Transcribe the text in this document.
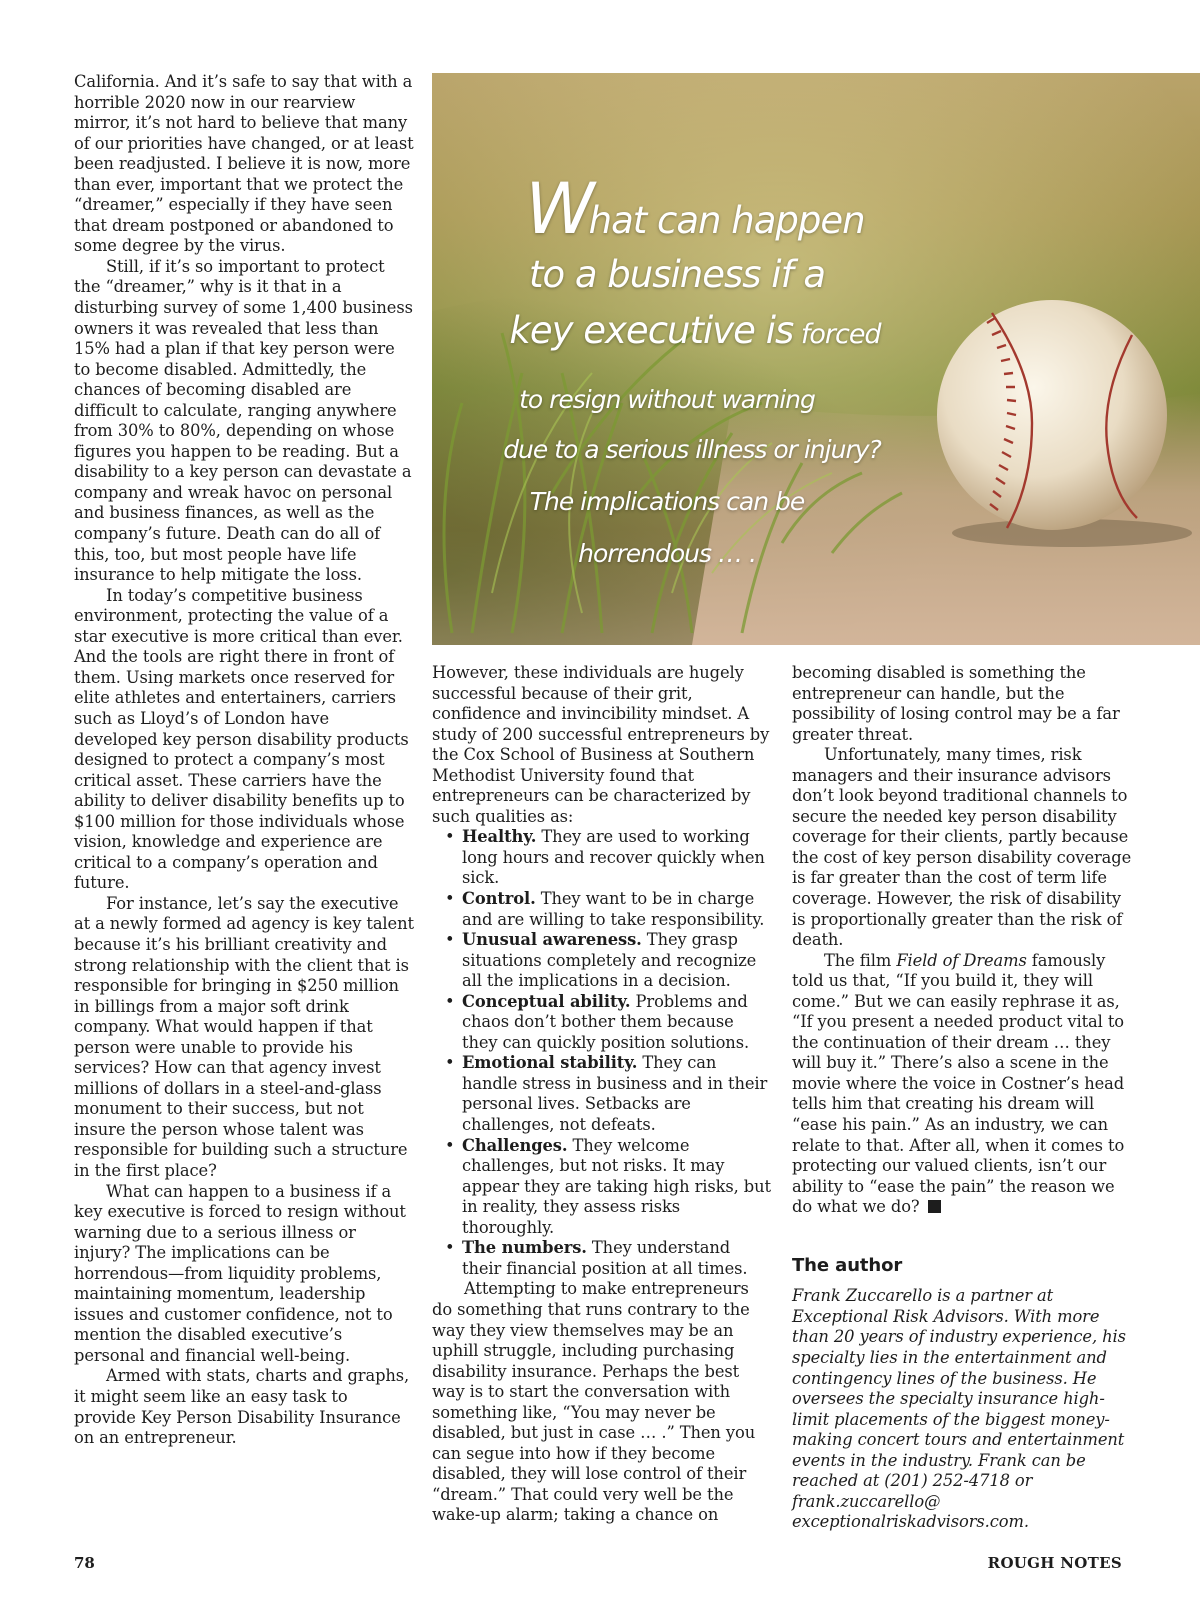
California. And it’s safe to say that with a horrible 2020 now in our rearview mirror, it’s not hard to believe that many of our priorities have changed, or at least been readjusted. I believe it is now, more than ever, important that we protect the “dreamer,” especially if they have seen that dream postponed or abandoned to some degree by the virus.

Still, if it’s so important to protect the “dreamer,” why is it that in a disturbing survey of some 1,400 business owners it was revealed that less than 15% had a plan if that key person were to become disabled. Admittedly, the chances of becoming disabled are difficult to calculate, ranging anywhere from 30% to 80%, depending on whose figures you happen to be reading. But a disability to a key person can devastate a company and wreak havoc on personal and business finances, as well as the company’s future. Death can do all of this, too, but most people have life insurance to help mitigate the loss.

In today’s competitive business environment, protecting the value of a star executive is more critical than ever. And the tools are right there in front of them. Using markets once reserved for elite athletes and entertainers, carriers such as Lloyd’s of London have developed key person disability products designed to protect a company’s most critical asset. These carriers have the ability to deliver disability benefits up to $100 million for those individuals whose vision, knowledge and experience are critical to a company’s operation and future.

For instance, let’s say the executive at a newly formed ad agency is key talent because it’s his brilliant creativity and strong relationship with the client that is responsible for bringing in $250 million in billings from a major soft drink company. What would happen if that person were unable to provide his services? How can that agency invest millions of dollars in a steel-and-glass monument to their success, but not insure the person whose talent was responsible for building such a structure in the first place?

What can happen to a business if a key executive is forced to resign without warning due to a serious illness or injury? The implications can be horrendous—from liquidity problems, maintaining momentum, leadership issues and customer confidence, not to mention the disabled executive’s personal and financial well-being.

Armed with stats, charts and graphs, it might seem like an easy task to provide Key Person Disability Insurance on an entrepreneur.

What can happen
to a business if a
key executive is forced
to resign without warning
due to a serious illness or injury?
The implications can be
horrendous … .

However, these individuals are hugely successful because of their grit, confidence and invincibility mindset. A study of 200 successful entrepreneurs by the Cox School of Business at Southern Methodist University found that entrepreneurs can be characterized by such qualities as:

• Healthy. They are used to working long hours and recover quickly when sick.
• Control. They want to be in charge and are willing to take responsibility.
• Unusual awareness. They grasp situations completely and recognize all the implications in a decision.
• Conceptual ability. Problems and chaos don’t bother them because they can quickly position solutions.
• Emotional stability. They can handle stress in business and in their personal lives. Setbacks are challenges, not defeats.
• Challenges. They welcome challenges, but not risks. It may appear they are taking high risks, but in reality, they assess risks thoroughly.
• The numbers. They understand their financial position at all times.

Attempting to make entrepreneurs do something that runs contrary to the way they view themselves may be an uphill struggle, including purchasing disability insurance. Perhaps the best way is to start the conversation with something like, “You may never be disabled, but just in case … .” Then you can segue into how if they become disabled, they will lose control of their “dream.” That could very well be the wake-up alarm; taking a chance on

becoming disabled is something the entrepreneur can handle, but the possibility of losing control may be a far greater threat.

Unfortunately, many times, risk managers and their insurance advisors don’t look beyond traditional channels to secure the needed key person disability coverage for their clients, partly because the cost of key person disability coverage is far greater than the cost of term life coverage. However, the risk of disability is proportionally greater than the risk of death.

The film Field of Dreams famously told us that, “If you build it, they will come.” But we can easily rephrase it as, “If you present a needed product vital to the continuation of their dream … they will buy it.” There’s also a scene in the movie where the voice in Costner’s head tells him that creating his dream will “ease his pain.” As an industry, we can relate to that. After all, when it comes to protecting our valued clients, isn’t our ability to “ease the pain” the reason we do what we do?

The author

Frank Zuccarello is a partner at Exceptional Risk Advisors. With more than 20 years of industry experience, his specialty lies in the entertainment and contingency lines of the business. He oversees the specialty insurance high-limit placements of the biggest money-making concert tours and entertainment events in the industry. Frank can be reached at (201) 252-4718 or frank.zuccarello@ exceptionalriskadvisors.com.

78	ROUGH NOTES
